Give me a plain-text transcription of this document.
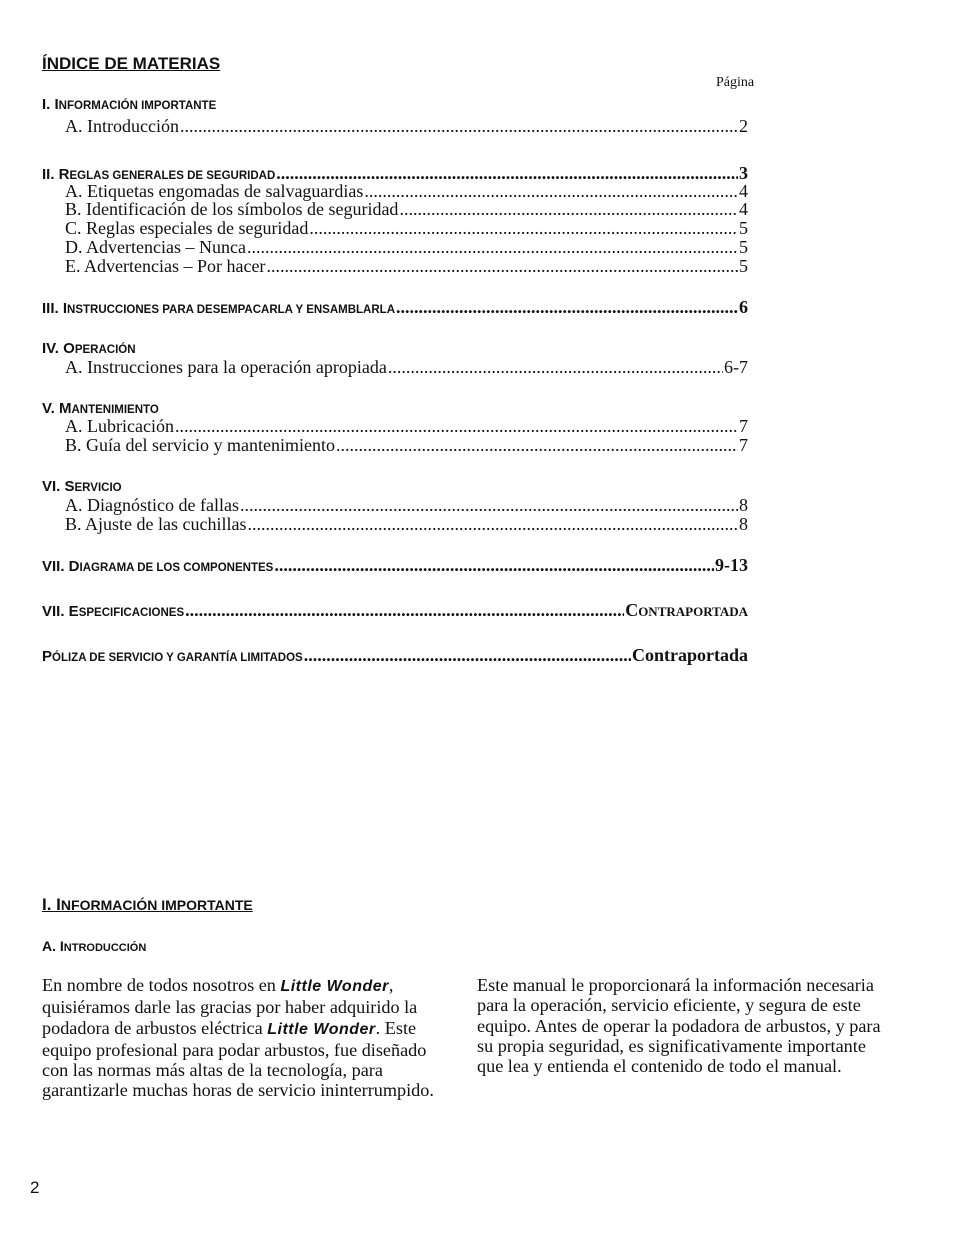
ÍNDICE DE MATERIAS
Página
I. INFORMACIÓN IMPORTANTE
A. Introducción .....	2
II. REGLAS GENERALES DE SEGURIDAD .....	3
A. Etiquetas engomadas de salvaguardias .....	4
B. Identificación de los símbolos de seguridad .....	4
C. Reglas especiales de seguridad .....	5
D. Advertencias – Nunca .....	5
E. Advertencias – Por hacer .....	5
III. INSTRUCCIONES PARA DESEMPACARLA Y ENSAMBLARLA .....	6
IV. OPERACIÓN
A. Instrucciones para la operación apropiada .....	6-7
V. MANTENIMIENTO
A. Lubricación .....	7
B. Guía del servicio y mantenimiento .....	7
VI. SERVICIO
A. Diagnóstico de fallas .....	8
B. Ajuste de las cuchillas .....	8
VII. DIAGRAMA DE LOS COMPONENTES .....	9-13
VII. ESPECIFICACIONES .....	CONTRAPORTADA
PÓLIZA DE SERVICIO Y GARANTÍA LIMITADOS .....	Contraportada
I. INFORMACIÓN IMPORTANTE
A. INTRODUCCIÓN
En nombre de todos nosotros en Little Wonder, quisiéramos darle las gracias por haber adquirido la podadora de arbustos eléctrica Little Wonder. Este equipo profesional para podar arbustos, fue diseñado con las normas más altas de la tecnología, para garantizarle muchas horas de servicio ininterrumpido.
Este manual le proporcionará la información necesaria para la operación, servicio eficiente, y segura de este equipo. Antes de operar la podadora de arbustos, y para su propia seguridad, es significativamente importante que lea y entienda el contenido de todo el manual.
2
